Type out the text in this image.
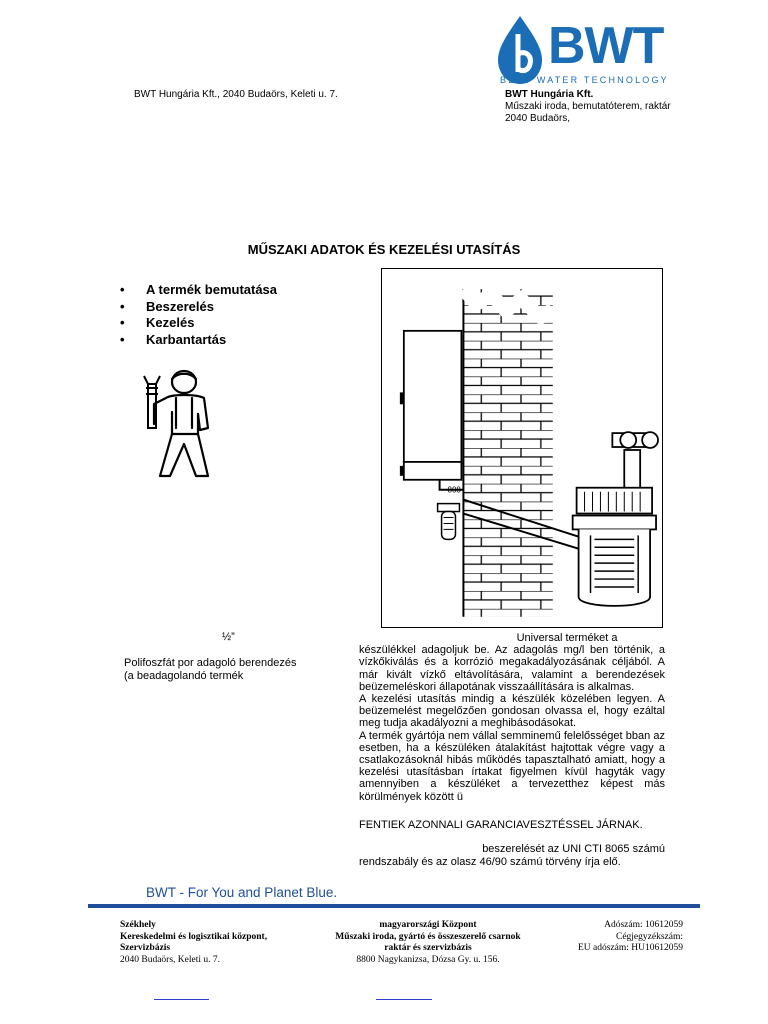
BWT
BEST WATER TECHNOLOGY
BWT Hungária Kft., 2040 Budaörs, Keleti u. 7.	BWT Hungária Kft.
Műszaki iroda, bemutatóterem, raktár
2040 Budaörs,
MŰSZAKI ADATOK ÉS KEZELÉSI UTASÍTÁS
• A termék bemutatása
• Beszerelés
• Kezelés
• Karbantartás
808
½”
Polifoszfát por adagoló berendezés
(a beadagolandó termék

Universal terméket a

készülékkel adagoljuk be. Az adagolás mg/l ben történik, a vízkőkiválás és a korrózió megakadályozásának céljából. A már kivált vízkő eltávolítására, valamint a berendezések beüzemeléskori állapotának visszaállítására is alkalmas.

A kezelési utasítás mindig a készülék közelében legyen. A beüzemelést megelőzően gondosan olvassa el, hogy ezáltal meg tudja akadályozni a meghibásodásokat.

A termék gyártója nem vállal semminemű felelősséget bban az esetben, ha a készüléken átalakítást hajtottak végre vagy a csatlakozásoknál hibás működés tapasztalható amiatt, hogy a kezelési utasításban írtakat figyelmen kívül hagyták vagy amennyiben a készüléket a tervezetthez képest más körülmények között ü

FENTIEK AZONNALI GARANCIAVESZTÉSSEL JÁRNAK.
beszerelését az UNI CTI 8065 számú
rendszabály és az olasz 46/90 számú törvény írja elő.
BWT - For You and Planet Blue.
Székhely
Kereskedelmi és logisztikai központ,
Szervizbázis
2040 Budaörs, Keleti u. 7.
magyarországi Központ
Műszaki iroda, gyártó és összeszerelő csarnok
raktár és szervizbázis
8800 Nagykanizsa, Dózsa Gy. u. 156.
Adószám: 10612059
Cégjegyzékszám:
EU adószám: HU10612059
